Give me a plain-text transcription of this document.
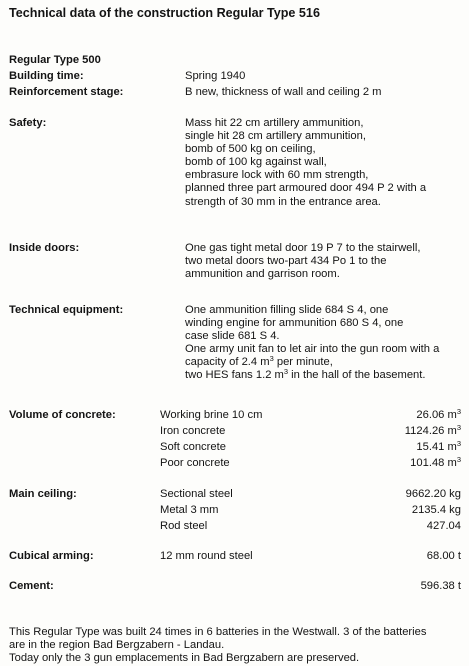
Technical data of the construction Regular Type 516
Regular Type 500
Building time:	Spring 1940
Reinforcement stage:	B new, thickness of wall and ceiling 2 m
Safety:	Mass hit 22 cm artillery ammunition,
single hit 28 cm artillery ammunition,
bomb of 500 kg on ceiling,
bomb of 100 kg against wall,
embrasure lock with 60 mm strength,
planned three part armoured door 494 P 2 with a
strength of 30 mm in the entrance area.
Inside doors:	One gas tight metal door 19 P 7 to the stairwell,
two metal doors two-part 434 Po 1 to the
ammunition and garrison room.
Technical equipment:	One ammunition filling slide 684 S 4, one
winding engine for ammunition 680 S 4, one
case slide 681 S 4.
One army unit fan to let air into the gun room with a
capacity of 2.4 $m^3$ per minute,
two HES fans 1.2 $m^3$ in the hall of the basement.
Volume of concrete:	Working brine 10 cm	26.06 $m^3$
Iron concrete	1124.26 $m^3$
Soft concrete	15.41 $m^3$
Poor concrete	101.48 $m^3$
Main ceiling:	Sectional steel	9662.20 kg
Metal 3 mm	2135.4 kg
Rod steel	427.04
Cubical arming:	12 mm round steel	68.00 t
Cement:	596.38 t
This Regular Type was built 24 times in 6 batteries in the Westwall. 3 of the batteries
are in the region Bad Bergzabern - Landau.
Today only the 3 gun emplacements in Bad Bergzabern are preserved.
